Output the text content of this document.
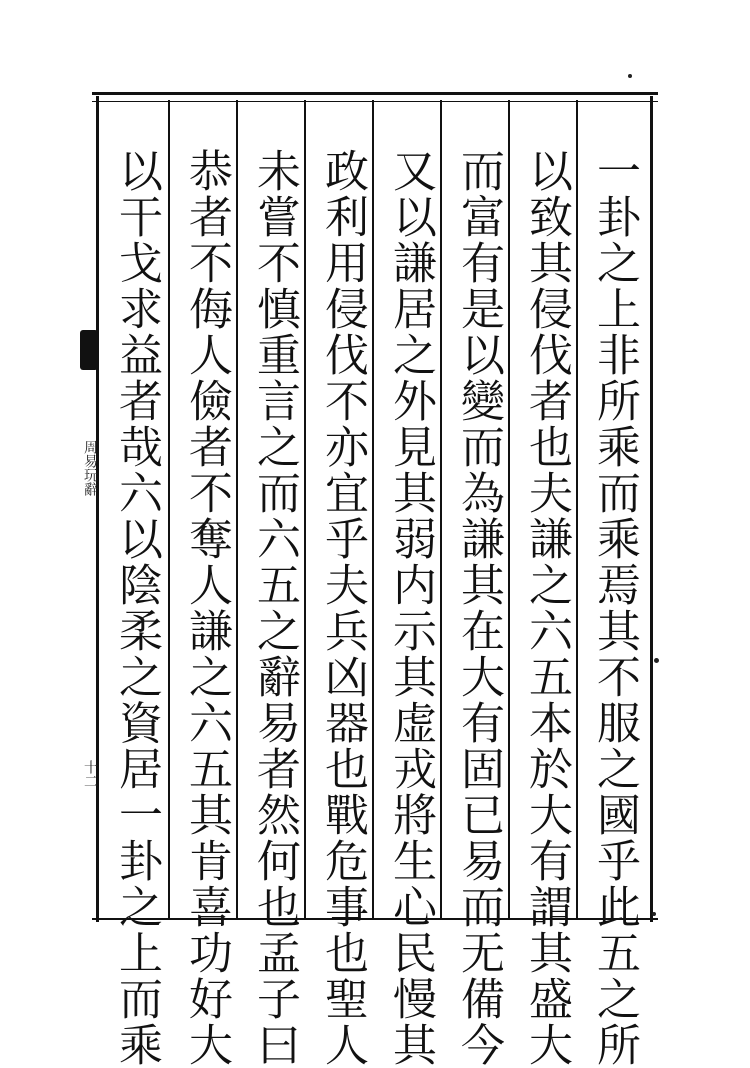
一卦之上非所乘而乘焉其不服之國乎此五之所
以致其侵伐者也夫謙之六五本於大有謂其盛大
而富有是以變而為謙其在大有固已易而无備今
又以謙居之外見其弱内示其虚戎將生心民慢其
政利用侵伐不亦宜乎夫兵凶器也戰危事也聖人
未嘗不慎重言之而六五之辭易者然何也孟子曰
恭者不侮人儉者不奪人謙之六五其肯喜功好大
以干戈求益者哉六以陰柔之資居一卦之上而乘
周易玩辭
十二
